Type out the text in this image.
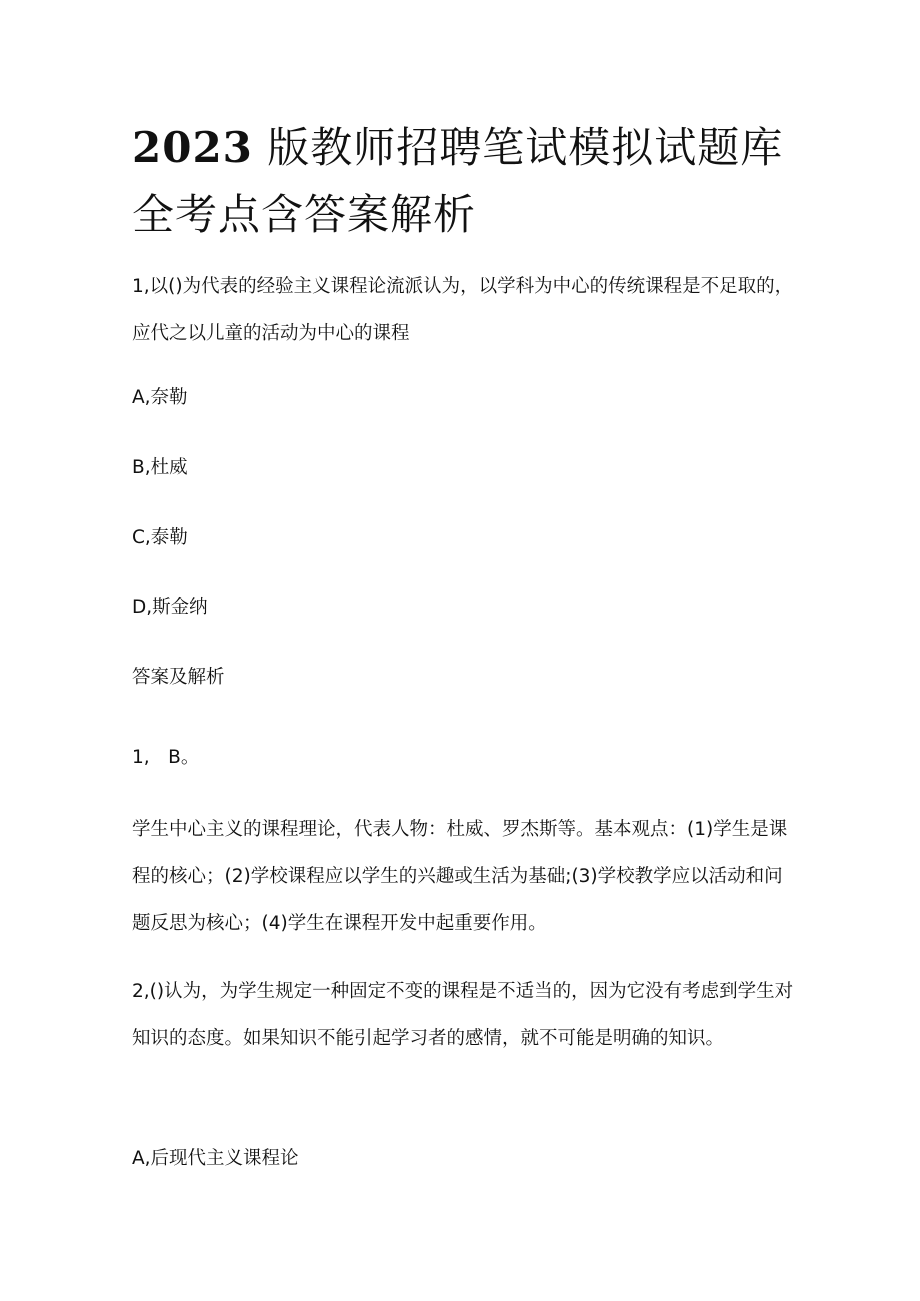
2023 版教师招聘笔试模拟试题库全考点含答案解析

1,以()为代表的经验主义课程论流派认为，以学科为中心的传统课程是不足取的，应代之以儿童的活动为中心的课程

A,奈勒

B,杜威

C,泰勒

D,斯金纳

答案及解析

1,　B。

学生中心主义的课程理论，代表人物：杜威、罗杰斯等。基本观点：(1)学生是课程的核心；(2)学校课程应以学生的兴趣或生活为基础;(3)学校教学应以活动和问题反思为核心；(4)学生在课程开发中起重要作用。

2,()认为，为学生规定一种固定不变的课程是不适当的，因为它没有考虑到学生对知识的态度。如果知识不能引起学习者的感情，就不可能是明确的知识。

A,后现代主义课程论
